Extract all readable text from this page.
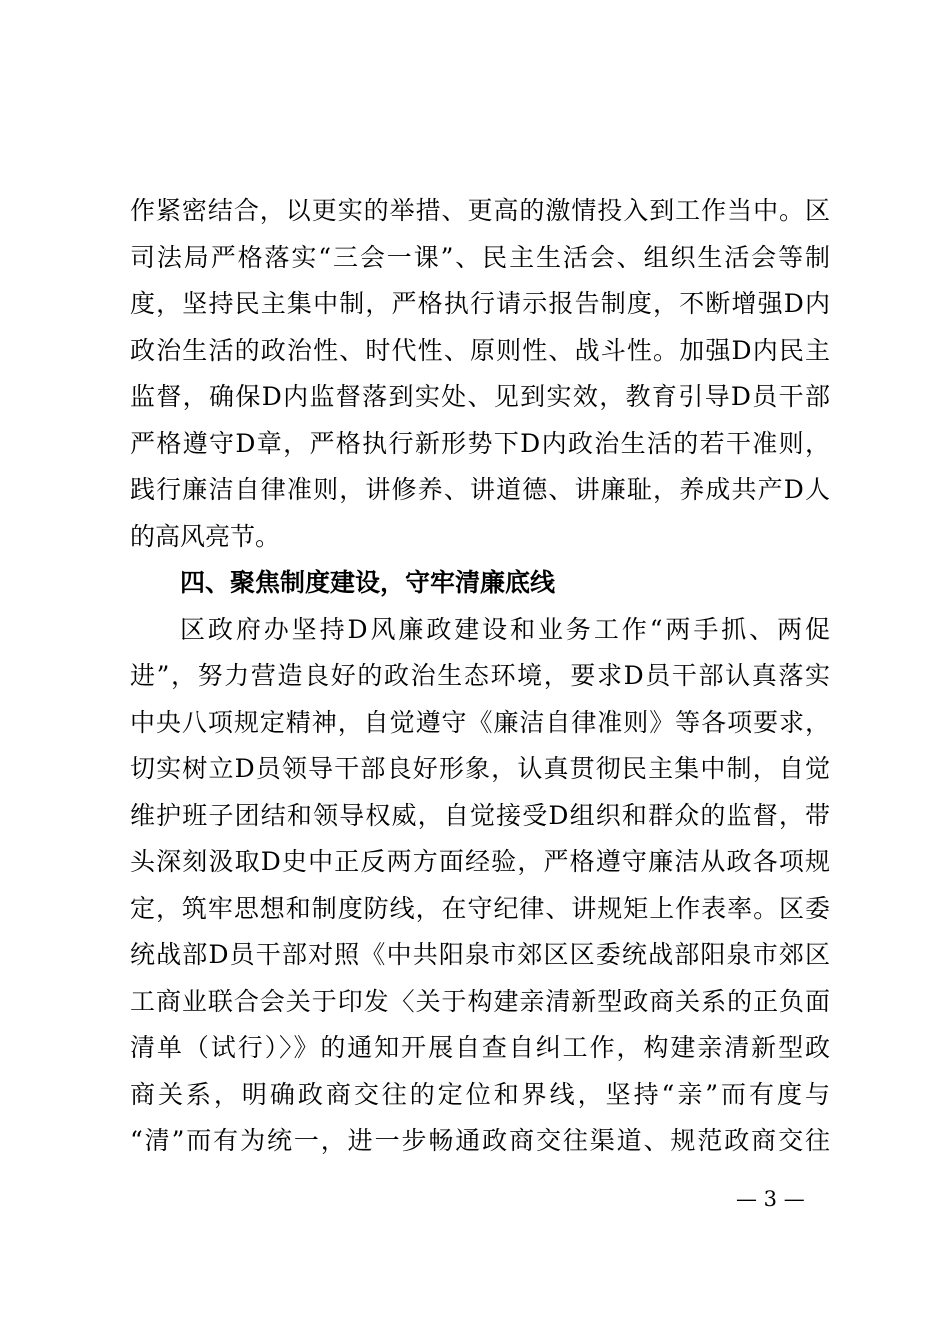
作紧密结合，以更实的举措、更高的激情投入到工作当中。区
司法局严格落实“三会一课”、民主生活会、组织生活会等制
度，坚持民主集中制，严格执行请示报告制度，不断增强D内
政治生活的政治性、时代性、原则性、战斗性。加强D内民主
监督，确保D内监督落到实处、见到实效，教育引导D员干部
严格遵守D章，严格执行新形势下D内政治生活的若干准则，
践行廉洁自律准则，讲修养、讲道德、讲廉耻，养成共产D人
的高风亮节。
四、聚焦制度建设，守牢清廉底线
区政府办坚持D风廉政建设和业务工作“两手抓、两促
进”，努力营造良好的政治生态环境，要求D员干部认真落实
中央八项规定精神，自觉遵守《廉洁自律准则》等各项要求，
切实树立D员领导干部良好形象，认真贯彻民主集中制，自觉
维护班子团结和领导权威，自觉接受D组织和群众的监督，带
头深刻汲取D史中正反两方面经验，严格遵守廉洁从政各项规
定，筑牢思想和制度防线，在守纪律、讲规矩上作表率。区委
统战部D员干部对照《中共阳泉市郊区区委统战部阳泉市郊区
工商业联合会关于印发〈关于构建亲清新型政商关系的正负面
清单（试行）〉》的通知开展自查自纠工作，构建亲清新型政
商关系，明确政商交往的定位和界线，坚持“亲”而有度与
“清”而有为统一，进一步畅通政商交往渠道、规范政商交往
— 3 —
